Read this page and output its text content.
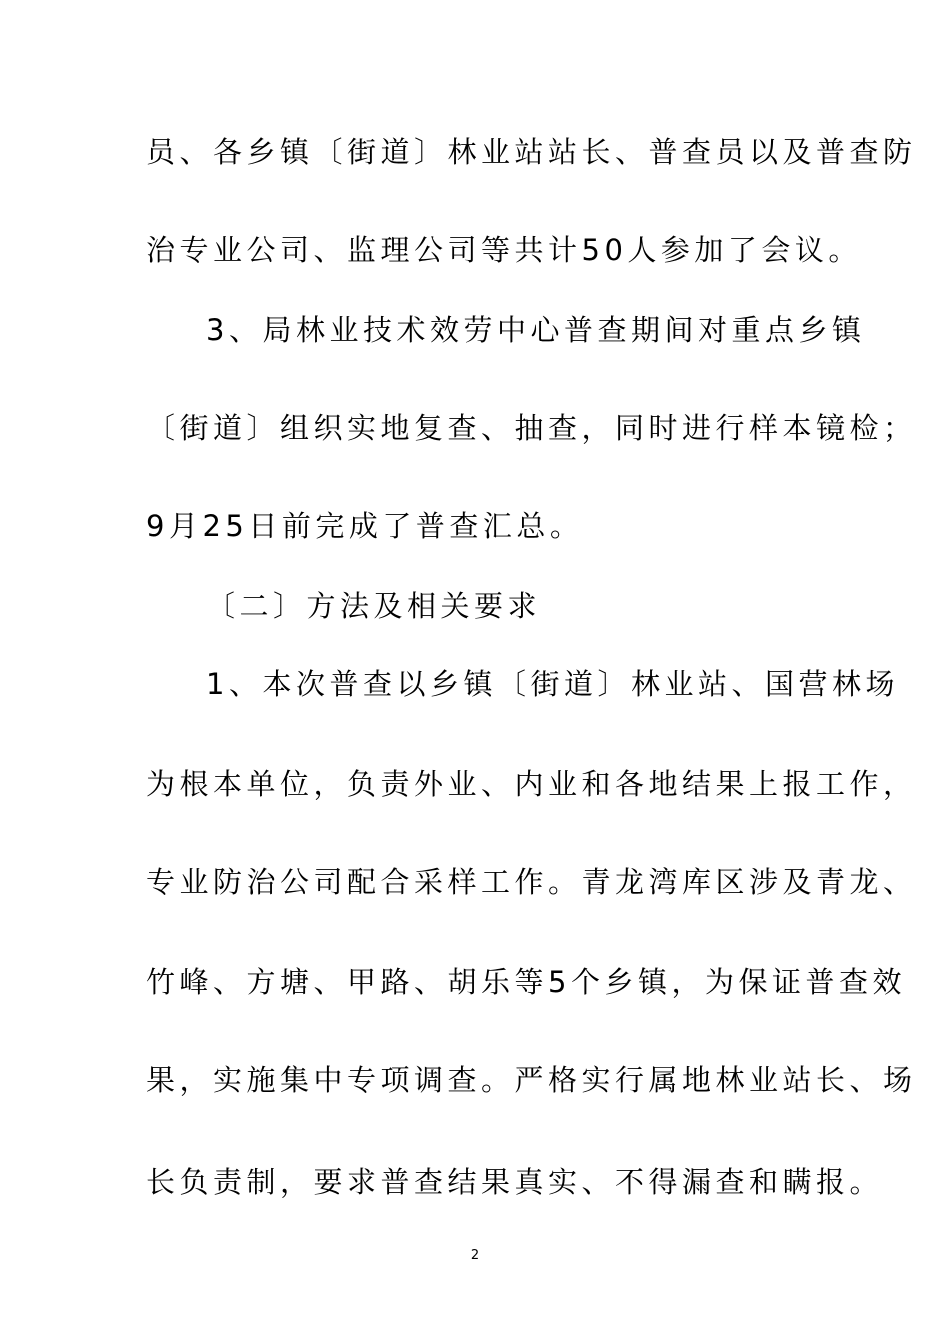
员、各乡镇〔街道〕林业站站长、普查员以及普查防
治专业公司、监理公司等共计50人参加了会议。
3、局林业技术效劳中心普查期间对重点乡镇
〔街道〕组织实地复查、抽查，同时进行样本镜检；
9月25日前完成了普查汇总。
〔二〕方法及相关要求
1、本次普查以乡镇〔街道〕林业站、国营林场
为根本单位，负责外业、内业和各地结果上报工作，
专业防治公司配合采样工作。青龙湾库区涉及青龙、
竹峰、方塘、甲路、胡乐等5个乡镇，为保证普查效
果，实施集中专项调查。严格实行属地林业站长、场
长负责制，要求普查结果真实、不得漏查和瞒报。
2
